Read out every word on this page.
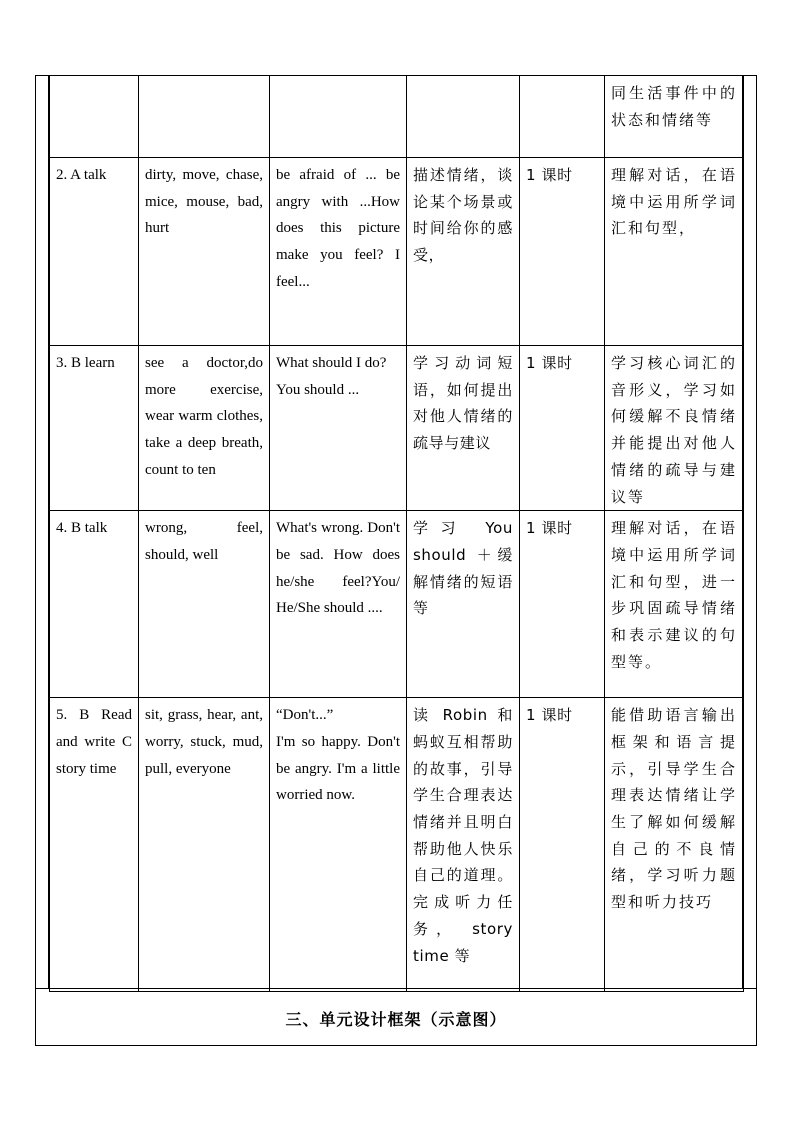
					同生活事件中的状态和情绪等
2. A talk	dirty, move, chase, mice, mouse, bad, hurt	be afraid of ... be angry with ...How does this picture make you feel? I feel...	描述情绪，谈论某个场景或时间给你的感受，	1 课时	理解对话，在语境中运用所学词汇和句型，
3. B learn	see a doctor,do more exercise, wear warm clothes, take a deep breath, count to ten	What should I do?
You should ...	学习动词短语，如何提出对他人情绪的疏导与建议	1 课时	学习核心词汇的音形义，学习如何缓解不良情绪并能提出对他人情绪的疏导与建议等
4. B talk	wrong, feel, should, well	What's wrong. Don't be sad. How does he/she feel?You/ He/She should ....	学习 You should ＋缓解情绪的短语等	1 课时	理解对话，在语境中运用所学词汇和句型，进一步巩固疏导情绪和表示建议的句型等。
5. B Read and write C story time	sit, grass, hear, ant, worry, stuck, mud, pull, everyone	“Don't...”
I'm so happy. Don't be angry. I'm a little worried now.	读 Robin 和蚂蚁互相帮助的故事，引导学生合理表达情绪并且明白帮助他人快乐自己的道理。完成听力任务， story time 等	1 课时	能借助语言输出框架和语言提示，引导学生合理表达情绪让学生了解如何缓解自己的不良情绪，学习听力题型和听力技巧
三、单元设计框架（示意图）
